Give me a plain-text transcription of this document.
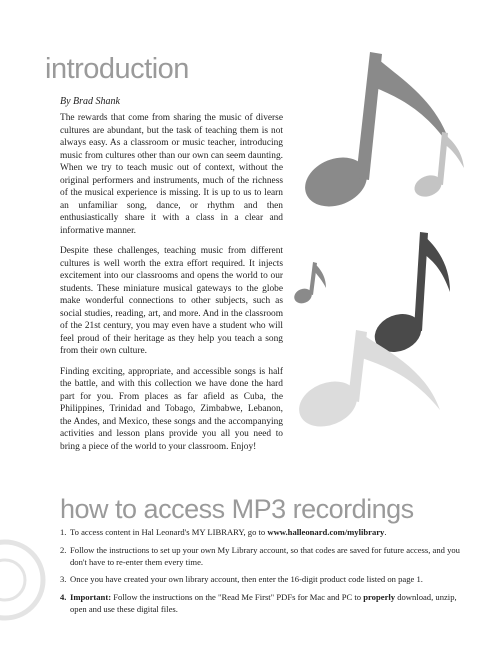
introduction
By Brad Shank

The rewards that come from sharing the music of diverse cultures are abundant, but the task of teaching them is not always easy. As a classroom or music teacher, introducing music from cultures other than our own can seem daunting. When we try to teach music out of context, without the original performers and instruments, much of the richness of the musical experience is missing. It is up to us to learn an unfamiliar song, dance, or rhythm and then enthusiastically share it with a class in a clear and informative manner.

Despite these challenges, teaching music from different cultures is well worth the extra effort required. It injects excitement into our classrooms and opens the world to our students. These miniature musical gateways to the globe make wonderful connections to other subjects, such as social studies, reading, art, and more. And in the classroom of the 21st century, you may even have a student who will feel proud of their heritage as they help you teach a song from their own culture.

Finding exciting, appropriate, and accessible songs is half the battle, and with this collection we have done the hard part for you. From places as far afield as Cuba, the Philippines, Trinidad and Tobago, Zimbabwe, Lebanon, the Andes, and Mexico, these songs and the accompanying activities and lesson plans provide you all you need to bring a piece of the world to your classroom. Enjoy!

how to access MP3 recordings
1. To access content in Hal Leonard's MY LIBRARY, go to www.halleonard.com/mylibrary.
2. Follow the instructions to set up your own My Library account, so that codes are saved for future access, and you don't have to re-enter them every time.
3. Once you have created your own library account, then enter the 16-digit product code listed on page 1.
4. Important: Follow the instructions on the "Read Me First" PDFs for Mac and PC to properly download, unzip, open and use these digital files.
